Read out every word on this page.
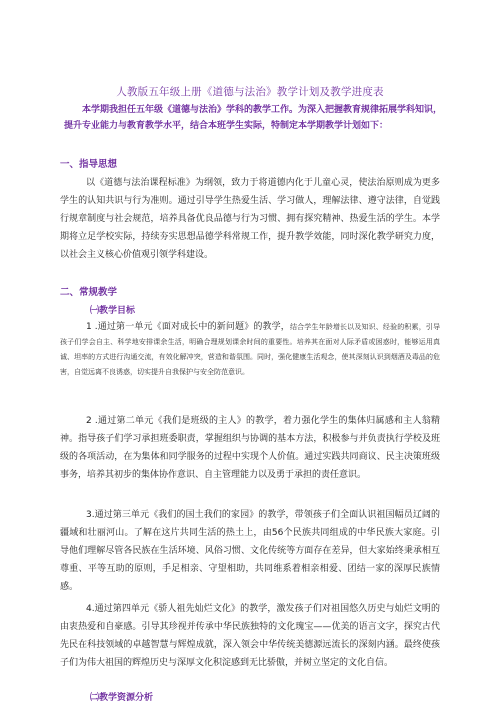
人教版五年级上册《道德与法治》教学计划及教学进度表
本学期我担任五年级《道德与法治》学科的教学工作。为深入把握教育规律拓展学科知识，提升专业能力与教育教学水平，结合本班学生实际，特制定本学期教学计划如下：
一、指导思想
以《道德与法治课程标准》为纲领，致力于将道德内化于儿童心灵，使法治原则成为更多学生的认知共识与行为准则。通过引导学生热爱生活、学习做人，理解法律、遵守法律，自觉践行规章制度与社会规范，培养具备优良品德与行为习惯、拥有探究精神、热爱生活的学生。本学期将立足学校实际，持续夯实思想品德学科常规工作，提升教学效能，同时深化教学研究力度，以社会主义核心价值观引领学科建设。
二、常规教学
㈠教学目标
1 .通过第一单元《面对成长中的新问题》的教学，结合学生年龄增长以及知识、经验的积累，引导孩子们学会自主、科学地安排课余生活，明确合理规划课余时间的重要性。培养其在面对人际矛盾或困惑时，能够运用真诚、坦率的方式进行沟通交流，有效化解冲突，营造和谐氛围。同时，强化健康生活观念，使其深刻认识到烟酒及毒品的危害，自觉远离不良诱惑，切实提升自我保护与安全防范意识。
2 .通过第二单元《我们是班级的主人》的教学，着力强化学生的集体归属感和主人翁精神。指导孩子们学习承担班委职责，掌握组织与协调的基本方法，积极参与并负责执行学校及班级的各项活动，在为集体和同学服务的过程中实现个人价值。通过实践共同商议、民主决策班级事务，培养其初步的集体协作意识、自主管理能力以及勇于承担的责任意识。
3.通过第三单元《我们的国土我们的家园》的教学，带领孩子们全面认识祖国幅员辽阔的疆域和壮丽河山。了解在这片共同生活的热土上，由56个民族共同组成的中华民族大家庭。引导他们理解尽管各民族在生活环境、风俗习惯、文化传统等方面存在差异，但大家始终秉承相互尊重、平等互助的原则，手足相亲、守望相助，共同维系着相亲相爱、团结一家的深厚民族情感。
4.通过第四单元《骄人祖先灿烂文化》的教学，激发孩子们对祖国悠久历史与灿烂文明的由衷热爱和自豪感。引导其珍视并传承中华民族独特的文化瑰宝——优美的语言文字，探究古代先民在科技领域的卓越智慧与辉煌成就，深入领会中华传统美德源远流长的深刻内涵。最终使孩子们为伟大祖国的辉煌历史与深厚文化积淀感到无比骄傲，并树立坚定的文化自信。
㈡教学资源分析
